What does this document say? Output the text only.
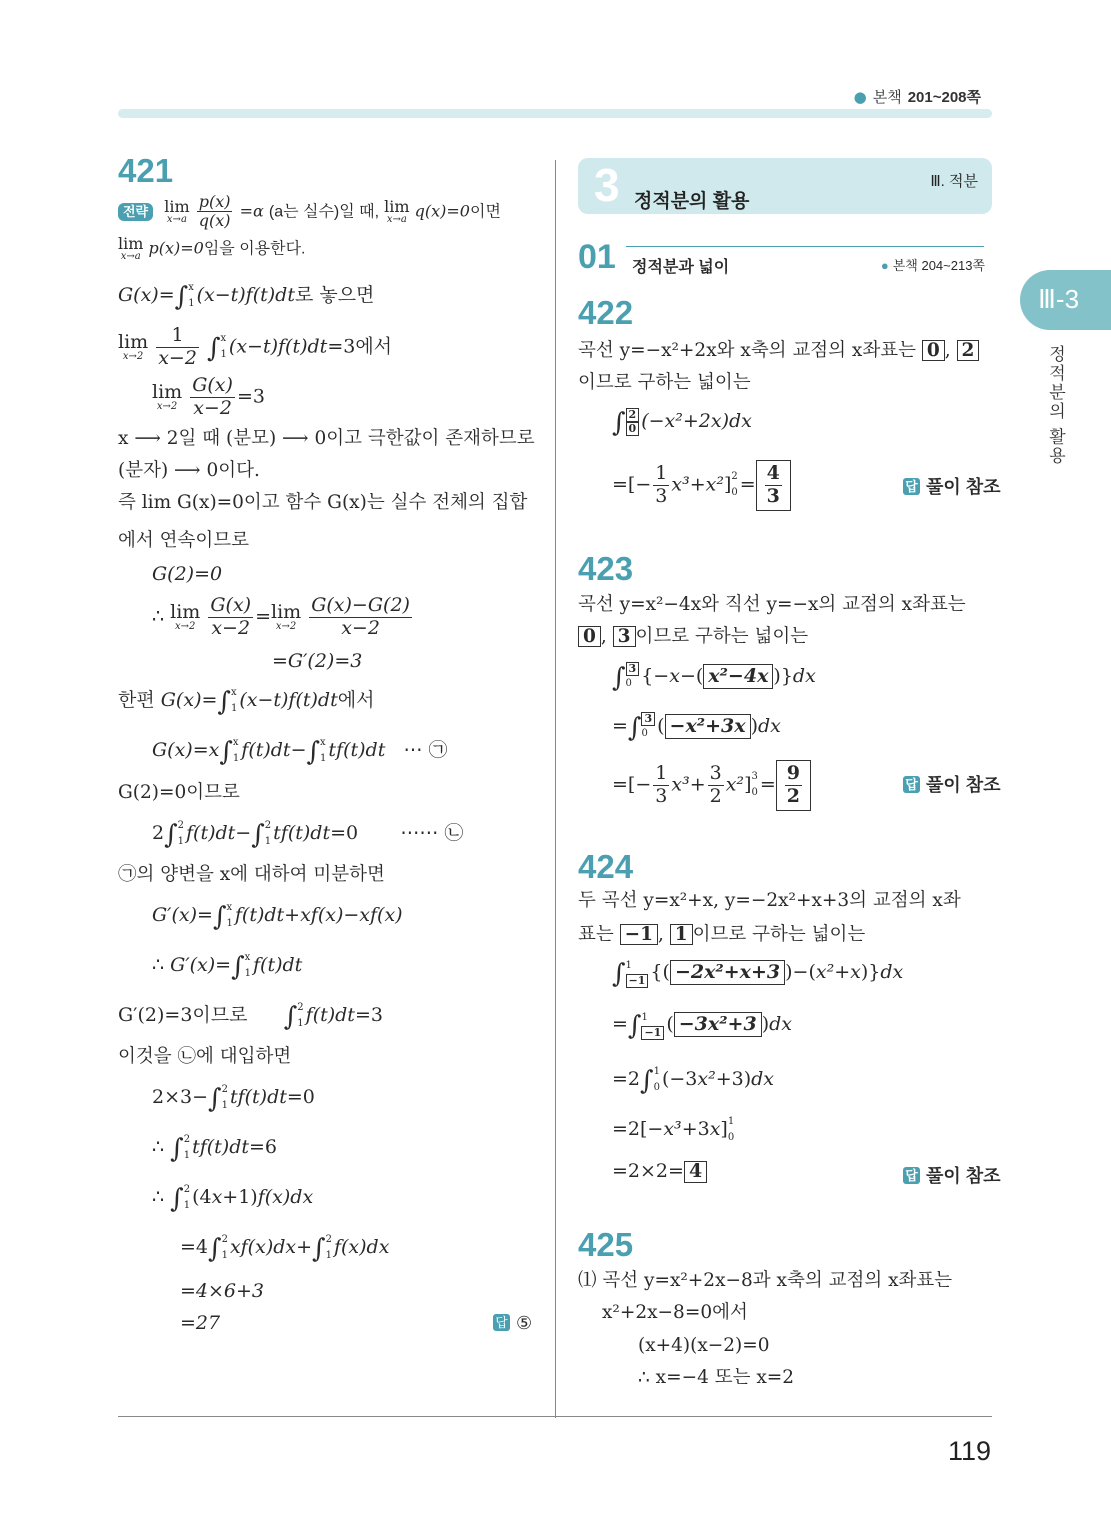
● 본책 201~208쪽
119
Ⅲ-3
정적분의 활용
421
전략 lim
x→a
$\frac{p(x)}{q(x)} =\alpha$ (a는 실수)일 때, lim
x→a q(x)=0이면
lim
x→a p(x)=0임을 이용한다.
G(x)=∫ x
1 (x−t)f(t)dt로 놓으면
lim
x→2
$\frac{1}{x-2}$ ∫ x
1 (x−t)f(t)dt=3에서
lim
x→2
$\frac{G(x)}{x-2} =3$
x ⟶ 2일 때 (분모) ⟶ 0이고 극한값이 존재하므로
(분자) ⟶ 0이다.
즉 lim G(x)=0이고 함수 G(x)는 실수 전체의 집합
에서 연속이므로
G(2)=0
∴ lim
x→2
$\frac{G(x)}{x-2} = \lim$
x→2
$\frac{G(x)-G(2)}{x-2}$
=G′(2)=3
한편 G(x)=∫ x
1 (x−t)f(t)dt에서
G(x)=x∫ x
1 f(t)dt−∫ x
1 tf(t)dt   ⋯ ㉠
G(2)=0이므로
2∫ 2
1 f(t)dt−∫ 2
1 tf(t)dt=0       ⋯⋯ ㉡
㉠의 양변을 x에 대하여 미분하면
G′(x)=∫ x
1 f(t)dt+xf(x)−xf(x)
∴ G′(x)=∫ x
1 f(t)dt
G′(2)=3이므로 ∫ 2
1 f(t)dt=3
이것을 ㉡에 대입하면
2×3−∫ 2
1 tf(t)dt=0
∴ ∫ 2
1 tf(t)dt=6
∴ ∫ 2
1 (4x+1)f(x)dx
=4∫ 2
1 xf(x)dx+∫ 2
1 f(x)dx
=4×6+3
=27	답 ⑤
3 정적분의 활용
Ⅲ. 적분
01 정적분과 넓이	● 본책 204~213쪽
422
곡선 y=−x²+2x와 x축의 교점의 x좌표는 0 , 2
이므로 구하는 넓이는
∫ $\frac{2}{0} (-x^2+2x)dx$
=[− $\frac{1}{3} x^3+x^2$] 2
$0 = \frac{4}{3}$	답 풀이 참조
423
곡선 y=x²−4x와 직선 y=−x의 교점의 x좌표는
0 , 3 이므로 구하는 넓이는
∫ $\frac{3}{0} \{-x-$( x²−4x )}dx
=∫ $\frac{3}{0}$ ( −x²+3x )dx
=[− $\frac{1}{3} x^3+ \frac{3}{2} x^2$] 3
$0 = \frac{9}{2}$	답 풀이 참조
424
두 곡선 y=x²+x, y=−2x²+x+3의 교점의 x좌
표는 −1 , 1 이므로 구하는 넓이는
∫ $\frac{1}{-1}$ {( −2x²+x+3 )−(x²+x)}dx
=∫ $\frac{1}{-1}$ ( −3x²+3 )dx
=2∫ 1
0 (−3x²+3)dx
=2[−x³+3x] 1
0
=2×2= 4	답 풀이 참조
425
⑴ 곡선 y=x²+2x−8과 x축의 교점의 x좌표는
x²+2x−8=0에서
(x+4)(x−2)=0
∴ x=−4 또는 x=2
